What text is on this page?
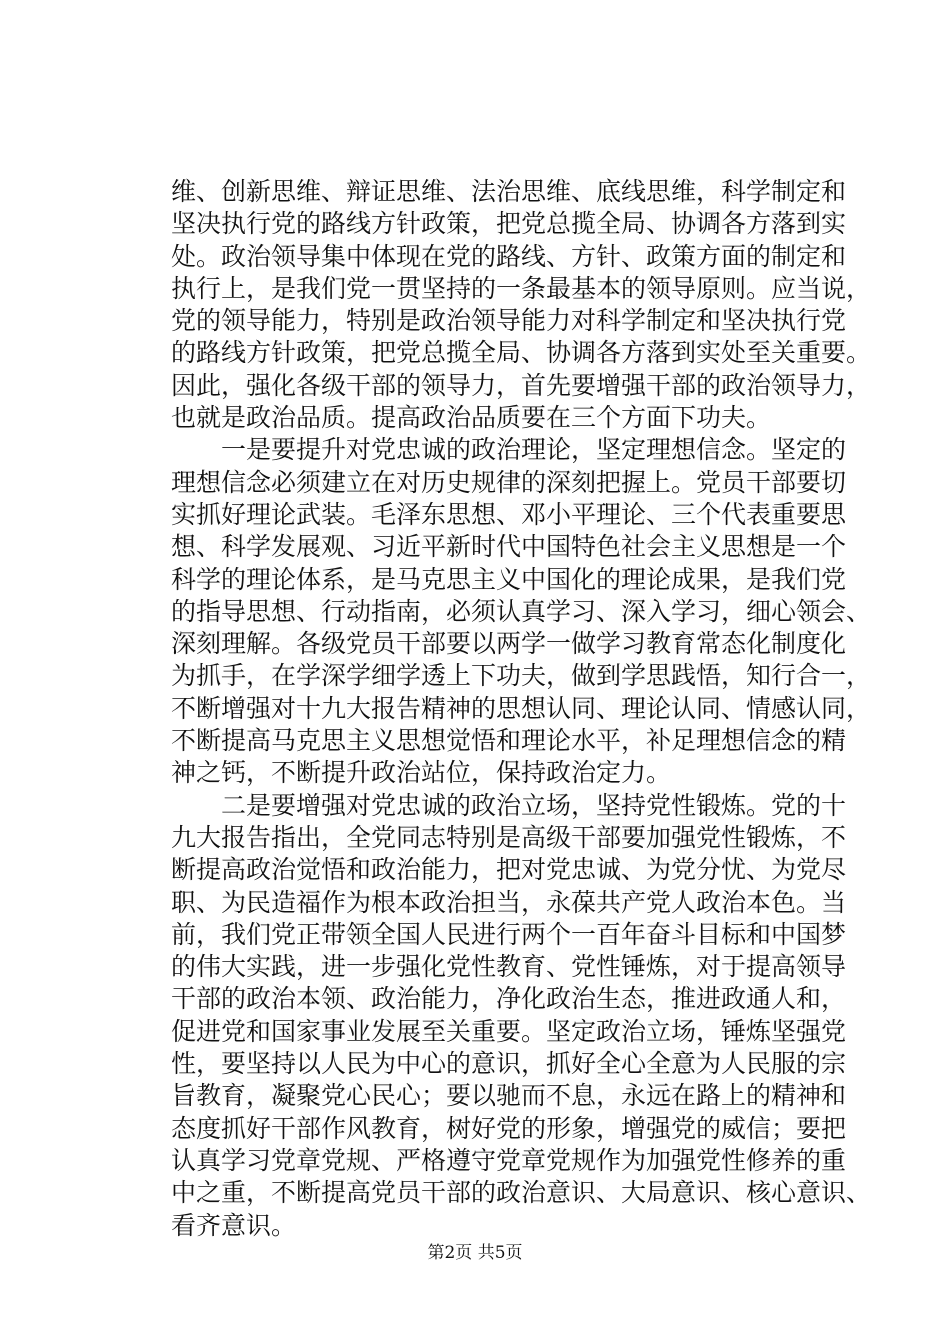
维、创新思维、辩证思维、法治思维、底线思维，科学制定和
坚决执行党的路线方针政策，把党总揽全局、协调各方落到实
处。政治领导集中体现在党的路线、方针、政策方面的制定和
执行上，是我们党一贯坚持的一条最基本的领导原则。应当说，
党的领导能力，特别是政治领导能力对科学制定和坚决执行党
的路线方针政策，把党总揽全局、协调各方落到实处至关重要。
因此，强化各级干部的领导力，首先要增强干部的政治领导力，
也就是政治品质。提高政治品质要在三个方面下功夫。
　　一是要提升对党忠诚的政治理论，坚定理想信念。坚定的
理想信念必须建立在对历史规律的深刻把握上。党员干部要切
实抓好理论武装。毛泽东思想、邓小平理论、三个代表重要思
想、科学发展观、习近平新时代中国特色社会主义思想是一个
科学的理论体系，是马克思主义中国化的理论成果，是我们党
的指导思想、行动指南，必须认真学习、深入学习，细心领会、
深刻理解。各级党员干部要以两学一做学习教育常态化制度化
为抓手，在学深学细学透上下功夫，做到学思践悟，知行合一，
不断增强对十九大报告精神的思想认同、理论认同、情感认同，
不断提高马克思主义思想觉悟和理论水平，补足理想信念的精
神之钙，不断提升政治站位，保持政治定力。
　　二是要增强对党忠诚的政治立场，坚持党性锻炼。党的十
九大报告指出，全党同志特别是高级干部要加强党性锻炼，不
断提高政治觉悟和政治能力，把对党忠诚、为党分忧、为党尽
职、为民造福作为根本政治担当，永葆共产党人政治本色。当
前，我们党正带领全国人民进行两个一百年奋斗目标和中国梦
的伟大实践，进一步强化党性教育、党性锤炼，对于提高领导
干部的政治本领、政治能力，净化政治生态，推进政通人和，
促进党和国家事业发展至关重要。坚定政治立场，锤炼坚强党
性，要坚持以人民为中心的意识，抓好全心全意为人民服的宗
旨教育，凝聚党心民心；要以驰而不息，永远在路上的精神和
态度抓好干部作风教育，树好党的形象，增强党的威信；要把
认真学习党章党规、严格遵守党章党规作为加强党性修养的重
中之重，不断提高党员干部的政治意识、大局意识、核心意识、
看齐意识。
第2页 共5页
